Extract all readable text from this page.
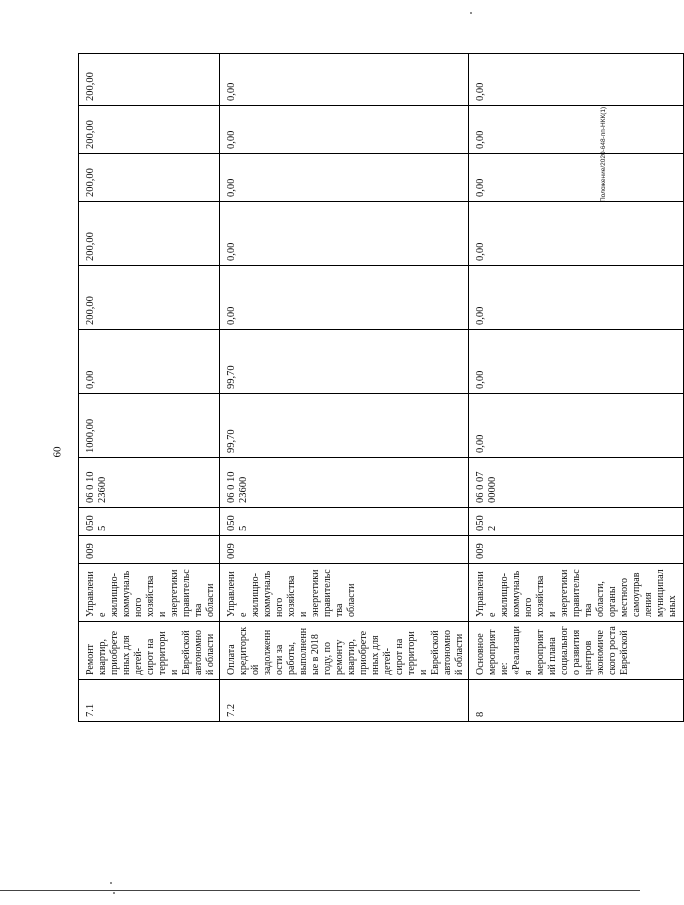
60
Положение/2020-648-пп-НКК(1)
7.1	Ремонт квартир, приобретенных для детей-сирот на территории Еврейской автономной области	Управление жилищно-коммунального хозяйства и энергетики правительства области	009	0505	06 0 10 23600	1000,00	0,00	200,00	200,00	200,00	200,00	200,00
7.2	Оплата кредиторской задолженности за работы, выполненные в 2018 году, по ремонту квартир, приобретенных для детей-сирот на территории Еврейской автономной области	Управление жилищно-коммунального хозяйства и энергетики правительства области	009	0505	06 0 10 23600	99,70	99,70	0,00	0,00	0,00	0,00	0,00
8	Основное мероприятие: «Реализация мероприятий плана социального развития центров экономического роста Еврейской	Управление жилищно-коммунального хозяйства и энергетики правительства области, органы местного самоуправления муниципальных	009	0502	06 0 07 00000	0,00	0,00	0,00	0,00	0,00	0,00	0,00
